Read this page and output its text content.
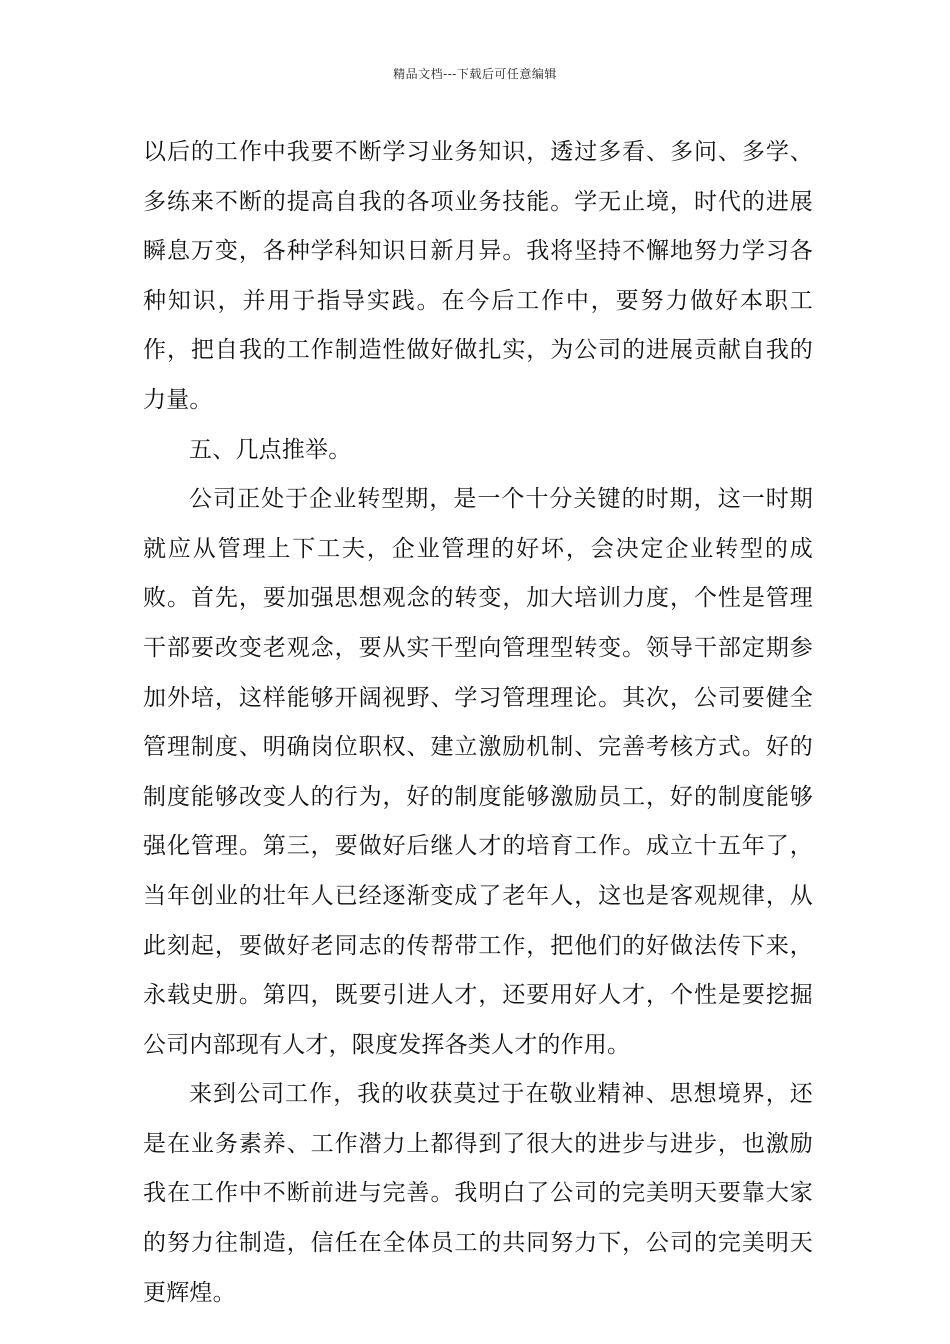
精品文档---下载后可任意编辑

以后的工作中我要不断学习业务知识，透过多看、多问、多学、多练来不断的提高自我的各项业务技能。学无止境，时代的进展瞬息万变，各种学科知识日新月异。我将坚持不懈地努力学习各种知识，并用于指导实践。在今后工作中，要努力做好本职工作，把自我的工作制造性做好做扎实，为公司的进展贡献自我的力量。

五、几点推举。

公司正处于企业转型期，是一个十分关键的时期，这一时期就应从管理上下工夫，企业管理的好坏，会决定企业转型的成败。首先，要加强思想观念的转变，加大培训力度，个性是管理干部要改变老观念，要从实干型向管理型转变。领导干部定期参加外培，这样能够开阔视野、学习管理理论。其次，公司要健全管理制度、明确岗位职权、建立激励机制、完善考核方式。好的制度能够改变人的行为，好的制度能够激励员工，好的制度能够强化管理。第三，要做好后继人才的培育工作。成立十五年了，当年创业的壮年人已经逐渐变成了老年人，这也是客观规律，从此刻起，要做好老同志的传帮带工作，把他们的好做法传下来，永载史册。第四，既要引进人才，还要用好人才，个性是要挖掘公司内部现有人才，限度发挥各类人才的作用。

来到公司工作，我的收获莫过于在敬业精神、思想境界，还是在业务素养、工作潜力上都得到了很大的进步与进步，也激励我在工作中不断前进与完善。我明白了公司的完美明天要靠大家的努力往制造，信任在全体员工的共同努力下，公司的完美明天更辉煌。
